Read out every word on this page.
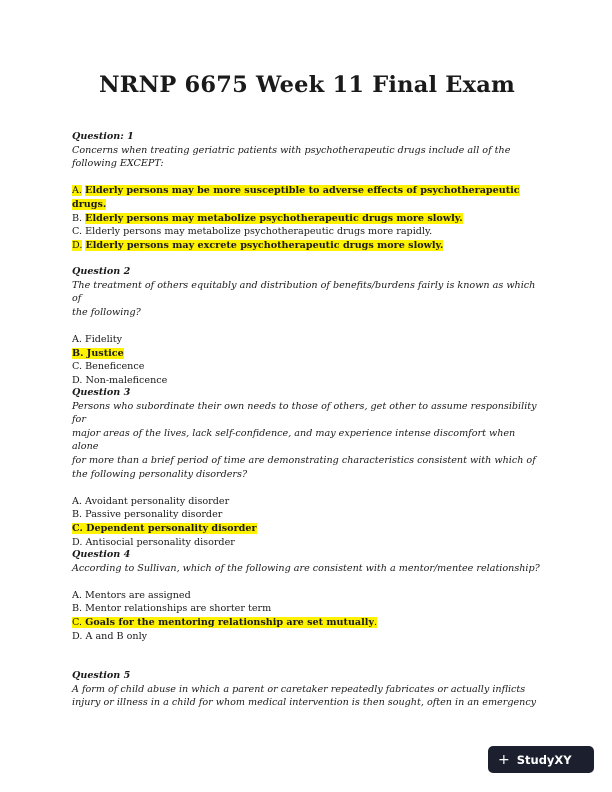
NRNP 6675 Week 11 Final Exam
Question: 1
Concerns when treating geriatric patients with psychotherapeutic drugs include all of the
following EXCEPT:
A. Elderly persons may be more susceptible to adverse effects of psychotherapeutic
drugs.
B. Elderly persons may metabolize psychotherapeutic drugs more slowly.
C. Elderly persons may metabolize psychotherapeutic drugs more rapidly.
D. Elderly persons may excrete psychotherapeutic drugs more slowly.
Question 2
The treatment of others equitably and distribution of benefits/burdens fairly is known as which of
the following?
A. Fidelity
B. Justice
C. Beneficence
D. Non-maleficence
Question 3
Persons who subordinate their own needs to those of others, get other to assume responsibility for
major areas of the lives, lack self-confidence, and may experience intense discomfort when alone
for more than a brief period of time are demonstrating characteristics consistent with which of
the following personality disorders?
A. Avoidant personality disorder
B. Passive personality disorder
C. Dependent personality disorder
D. Antisocial personality disorder
Question 4
According to Sullivan, which of the following are consistent with a mentor/mentee relationship?
A. Mentors are assigned
B. Mentor relationships are shorter term
C. Goals for the mentoring relationship are set mutually.
D. A and B only
Question 5
A form of child abuse in which a parent or caretaker repeatedly fabricates or actually inflicts
injury or illness in a child for whom medical intervention is then sought, often in an emergency
+ StudyXY
